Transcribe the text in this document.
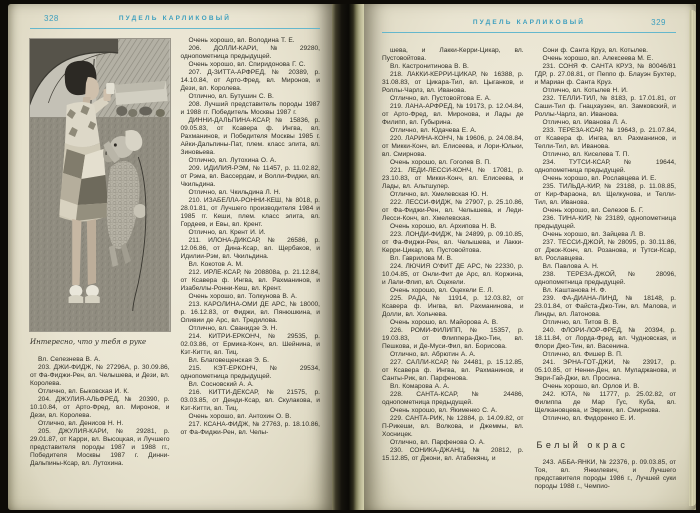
328	ПУДЕЛЬ КАРЛИКОВЫЙ
Интересно, что у тебя в руке

Вл. Селезнева В. А.

203. ДЖИ-ФИДЖ, № 27296А, р. 30.09.86, от Фа-Фиджи-Рен, вл. Челышева, и Дези, вл. Королева.

Отлично, вл. Быковская И. К.

204. ДЖУЛИЯ-АЛЬФРЕД, № 20390, р. 10.10.84, от Арто-Фред, вл. Миронов, и Дези, вл. Королева.

Отлично, вл. Денисов Н. Н.

205. ДЖУЛИЯ-КАРИ, № 29281, р. 29.01.87, от Карри, вл. Высоцкая, и Лучшего представителя породы 1987 и 1988 гг., Победителя Москвы 1987 г. Динни-Дальпины-Ксар, вл. Лутохина.

Очень хорошо, вл. Володина Т. Е.

206. ДОЛЛИ-КАРИ, № 29280, однопометница предыдущей.

Очень хорошо, вл. Спиридонова Г. С.

207. Д-ЗИТТА-АРФРЕД, № 20389, р. 14.10.84, от Арто-Фред, вл. Миронов, и Дези, вл. Королева.

Отлично, вл. Бутушин С. В.

208. Лучший представитель породы 1987 и 1988 гг. Победитель Москвы 1987 г.

ДИННИ-ДАЛЬПИНА-КСАР, № 15836, р. 09.05.83, от Ксавера ф. Ингва, вл. Рахманинов, и Победителя Москвы 1985 г. Айки-Дальпины-Пат, плем. класс элита, вл. Зиновьева.

Отлично, вл. Лутохина О. А.

209. ИДИЛИЯ-РЭМ, № 11457, р. 11.02.82, от Рэма, вл. Вассердам, и Волли-Фиджи, вл. Чкильдина.

Отлично, вл. Чкильдина Л. Н.

210. ИЗАБЕЛЛА-РОННИ-КЕШ, № 8018, р. 28.01.81, от Лучшего производителя 1984 и 1985 гг. Кеши, плем. класс элита, вл. Гордеев, и Евы, вл. Крент.

Отлично, вл. Крент И. И.

211. ИЛОНА-ДИКСАР, № 26586, р. 12.06.86, от Дина-Ксар, вл. Щербаков, и Идилии-Рэм, вл. Чкильдина.

Вл. Кокотов А. М.

212. ИРЛЕ-КСАР, № 208808а, р. 21.12.84, от Ксавера ф. Ингва, вл. Рахманинов, и Изабеллы-Ронни-Кеш, вл. Крент.

Очень хорошо, вл. Толкунова В. А.

213. КАРОЛИНА-ОМИ ДЕ АРС, № 18000, р. 16.12.83, от Фиджи, вл. Пянюшкина, и Оливии де Арс, вл. Тредилова.

Отлично, вл. Сванидзе Э. Н.

214. КИТРИ-ЕРКОНЧ, № 29535, р. 02.03.86, от Ермика-Конч, вл. Шейнина, и Кэт-Китти, вл. Тиц.

Вл. Благовещенская Э. Б.

215. КЭТ-ЕРКОНЧ, № 29534, однопометница предыдущей.

Вл. Сосновский А. А.

216. КИТТИ-ДЕКСАР, № 21575, р. 03.03.85, от Денди-Ксар, вл. Скулакова, и Кэт-Китти, вл. Тиц.

Очень хорошо, вл. Антохин О. В.

217. КСАНА-ФИДЖ, № 27763, р. 18.10.86, от Фа-Фиджи-Рен, вл. Челы-

ПУДЕЛЬ КАРЛИКОВЫЙ	329

шева, и Лакки-Керри-Цикар, вл. Пустовойтова.

Вл. Кастронитинова В. В.

218. ЛАККИ-КЕРРИ-ЦИКАР, № 16388, р. 31.08.83, от Цикара-Тил, вл. Цыганков, и Роллы-Чарлз, вл. Иванова.

Отлично, вл. Пустовойтова Е. А.

219. ЛАНА-АРФРЕД, № 19173, р. 12.04.84, от Арто-Фред, вл. Миронова, и Лады де Филипп, вл. Губырина.

Отлично, вл. Юдачева Е. А.

220. ЛАРИНА-КОНЧ, № 19606, р. 24.08.84, от Микки-Конч, вл. Елисеева, и Лори-Юльки, вл. Смирнова.

Очень хорошо, вл. Гоголев В. П.

221. ЛЕДИ-ЛЕССИ-КОНЧ, № 17081, р. 23.10.83, от Микки-Конч, вл. Елисеева, и Лады, вл. Альтшулер.

Отлично, вл. Хмелевская Ю. Н.

222. ЛЕССИ-ФИДЖ, № 27907, р. 25.10.86, от Фа-Фиджи-Рен, вл. Челышева, и Леди-Лесси-Конч, вл. Хмелевская.

Очень хорошо, вл. Архипова Н. В.

223. ЛОНДИ-ФИДЖ, № 24899, р. 09.10.85, от Фа-Фиджи-Рен, вл. Челышева, и Лакки-Керри-Цикар, вл. Пустовойтова.

Вл. Гаврилова М. В.

224. ЛЮЧИЯ О'ФИТ ДЕ АРС, № 22330, р. 10.04.85, от Онли-Фит де Арс, вл. Коржина, и Лали-Флип, вл. Оцехели.

Очень хорошо, вл. Оцехели Е. Л.

225. РАДА, № 11914, р. 12.03.82, от Ксавера ф. Ингва, вл. Рахманинова, и Долли, вл. Хольчева.

Очень хорошо, вл. Майорова А. В.

226. РОМИ-ФИЛИПП, № 15357, р. 19.03.83, от Флиппера-Джо-Тин, вл. Пешкова, и Де-Муси-Фил, вл. Борисова.

Отлично, вл. Абрютин А. А.

227. САЛЛИ-КСАР, № 24481, р. 15.12.85, от Ксавера ф. Ингва, вл. Рахманинов, и Санты-Рик, вл. Парфенова.

Вл. Комарова А. А.

228. САНТА-КСАР, № 24486, однопометница предыдущей.

Очень хорошо, вл. Якименко С. А.

229. САНТА-РИК, № 12884, р. 14.09.82, от П-Рикеши, вл. Волкова, и Джеммы, вл. Хосницек.

Отлично, вл. Парфенова О. А.

230. СОНИКА-ДЖАНЦ, № 20812, р. 15.12.85, от Джони, вл. Атабекянц, и

Сони ф. Санта Круз, вл. Котылев.

Очень хорошо, вл. Алексеева М. Е.

231. СОНЯ Ф. САНТА КРУЗ, № 80046/81 ГДР, р. 27.08.81, от Пеппо ф. Блауэн Бухтер, и Мариан ф. Санта Круз.

Отлично, вл. Котылев Н. И.

232. ТЕЛЛИ-ТИЛ, № 8183, р. 17.01.81, от Саши-Тил ф. Гнацхаузен, вл. Замковский, и Роллы-Чарлз, вл. Иванова.

Отлично, вл. Иванова Л. А.

233. ТЕРЕЗА-КСАР, № 19643, р. 21.07.84, от Ксавера ф. Ингва, вл. Рахманинов, и Телли-Тил, вл. Иванова.

Отлично, вл. Киселева Т. П.

234. ТУТСИ-КСАР, № 19644, однопометница предыдущей.

Очень хорошо, вл. Рославцева И. Е.

235. ТИЛЬДА-КИР, № 23188, р. 11.08.85, от Кир-Фараона, вл. Щелкунова, и Телли-Тил, вл. Иванова.

Очень хорошо, вл. Селезов Б. Г.

236. ТИНА-КИР, № 23189, однопометница предыдущей.

Очень хорошо, вл. Зайцева Л. В.

237. ТЕССИ-ДЖОЙ, № 28095, р. 30.11.86, от Джок-Конч, вл. Розанова, и Тутси-Ксар, вл. Рославцева.

Вл. Павлова А. Н.

238. ТЕРЕЗА-ДЖОЙ, № 28096, однопометница предыдущей.

Вл. Каштанова Н. Ф.

239. ФА-ДИАНА-ЛИНД, № 18148, р. 23.01.84, от Файста-Джо-Тин, вл. Малова, и Линды, вл. Латонова.

Отлично, вл. Титов В. В.

240. ФЛОРИ-ЛОР-ФРЕД, № 20394, р. 18.11.84, от Лорда-Фред, вл. Чудновская, и Флори Джо-Тин, вл. Васенина.

Отлично, вл. Фишер В. П.

241. ЭРНА-ГОТ-ДЖИ, № 23917, р. 05.10.85, от Ненни-Ден, вл. Муладжанова, и Эври-Гай-Джи, вл. Просина.

Очень хорошо, вл. Орлов И. В.

242. ЮТА, № 11777, р. 25.02.82, от Филиппа де Мар Гус, Куба, вл. Щелкановцева, и Эврики, вл. Смирнова.

Отлично, вл. Фидоренко Е. И.

Белый окрас

243. АББА-ЯНКИ, № 22376, р. 09.03.85, от Тоя, вл. Янкилевич, и Лучшего представителя породы 1986 г., Лучшей суки породы 1988 г., Чемпио-
